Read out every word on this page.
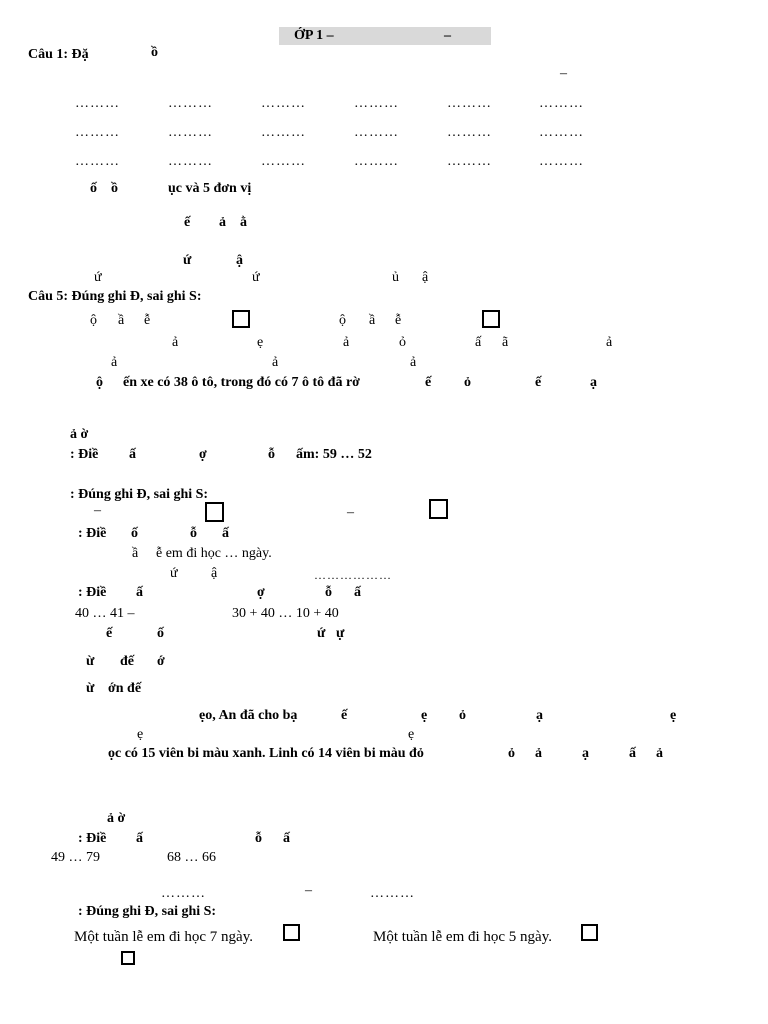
ỚP 1 –	–
Câu 1: Đặ	ồ
–
………	………	………	………	………	………
………	………	………	………	………	………
………	………	………	………	………	………
ố ồ	ục và 5 đơn vị
ế ả ằ
ứ	ậ
ứ	ứ	ủ ậ
Câu 5: Đúng ghi Đ, sai ghi S:
ộ ầ ễ	ộ ầ ễ
ả	ẹ	ả	ỏ	ấ ã	ả
ả	ả	ả
ộ ến xe có 38 ô tô, trong đó có 7 ô tô đã rờ	ế ỏ	ế	ạ
ả ờ
: Điề ấ	ợ	ỗ ấm: 59 … 52
: Đúng ghi Đ, sai ghi S:
–	–
: Điề ố	ỗ ấ
ầ ễ em đi học … ngày.
ứ ậ	………………
: Điề ấ	ợ	ỗ ấ
40 … 41 –	30 + 40 … 10 + 40
ế	ố	ứ ự
ừ đế ớ
ừ ớn đế
ẹo, An đã cho bạ	ế	ẹ ỏ	ạ	ẹ
ẹ	ẹ
ọc có 15 viên bi màu xanh. Linh có 14 viên bi màu đỏ	ỏ ả	ạ	ấ ả
ả ờ
: Điề ấ	ỗ ấ
49 … 79	68 … 66
………	–	………
: Đúng ghi Đ, sai ghi S:
Một tuần lễ em đi học 7 ngày.	Một tuần lễ em đi học 5 ngày.
